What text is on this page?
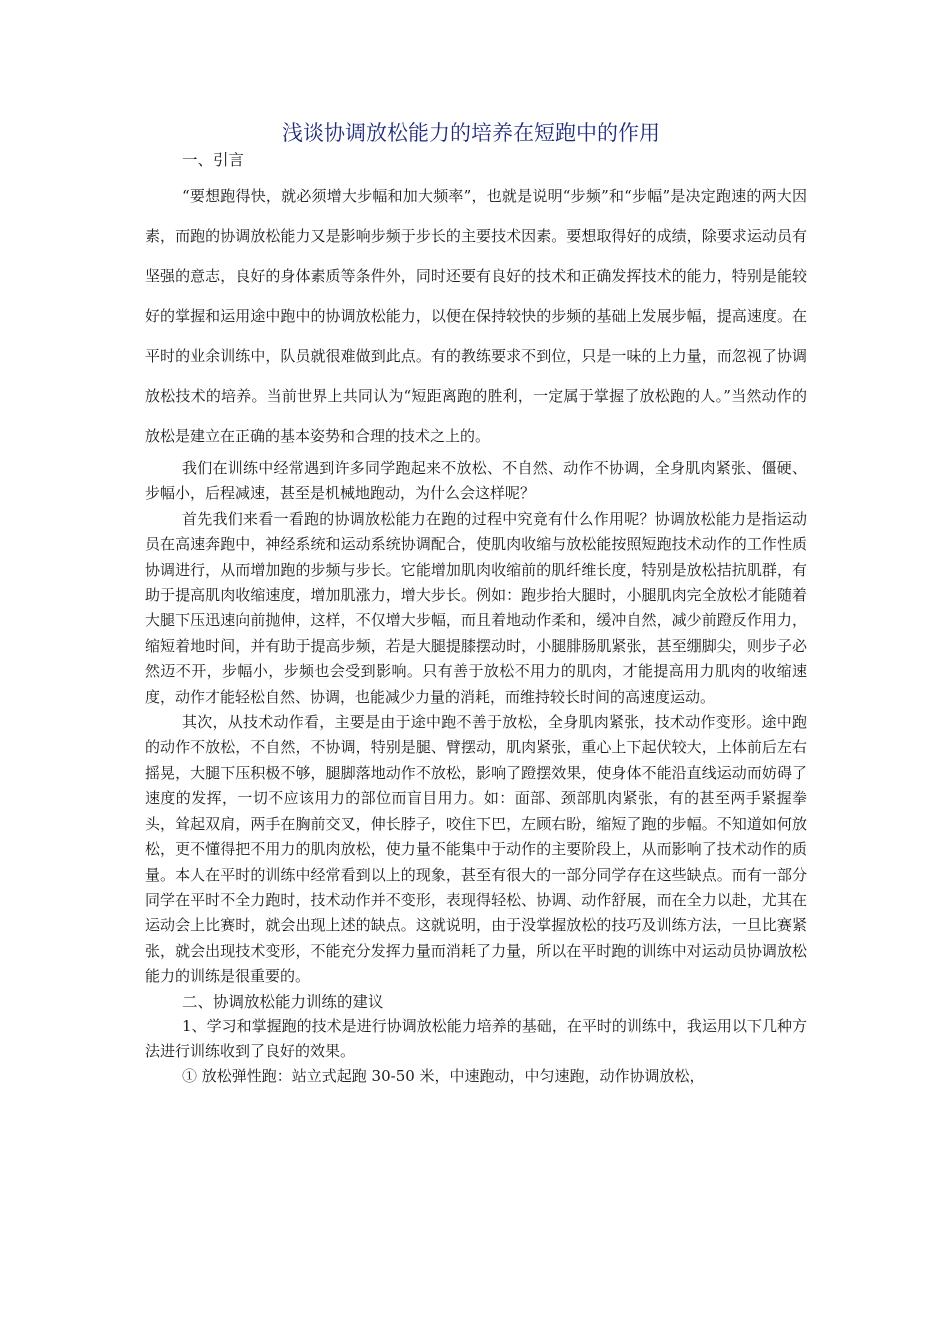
浅谈协调放松能力的培养在短跑中的作用
一、引言

“要想跑得快，就必须增大步幅和加大频率”，也就是说明“步频”和“步幅”是决定跑速的两大因素，而跑的协调放松能力又是影响步频于步长的主要技术因素。要想取得好的成绩，除要求运动员有坚强的意志，良好的身体素质等条件外，同时还要有良好的技术和正确发挥技术的能力，特别是能较好的掌握和运用途中跑中的协调放松能力，以便在保持较快的步频的基础上发展步幅，提高速度。在平时的业余训练中，队员就很难做到此点。有的教练要求不到位，只是一味的上力量，而忽视了协调放松技术的培养。当前世界上共同认为“短距离跑的胜利，一定属于掌握了放松跑的人。”当然动作的放松是建立在正确的基本姿势和合理的技术之上的。

我们在训练中经常遇到许多同学跑起来不放松、不自然、动作不协调，全身肌肉紧张、僵硬、步幅小，后程减速，甚至是机械地跑动，为什么会这样呢？

首先我们来看一看跑的协调放松能力在跑的过程中究竟有什么作用呢？协调放松能力是指运动员在高速奔跑中，神经系统和运动系统协调配合，使肌肉收缩与放松能按照短跑技术动作的工作性质协调进行，从而增加跑的步频与步长。它能增加肌肉收缩前的肌纤维长度，特别是放松拮抗肌群，有助于提高肌肉收缩速度，增加肌涨力，增大步长。例如：跑步抬大腿时，小腿肌肉完全放松才能随着大腿下压迅速向前抛伸，这样，不仅增大步幅，而且着地动作柔和，缓冲自然，减少前蹬反作用力，缩短着地时间，并有助于提高步频，若是大腿提膝摆动时，小腿腓肠肌紧张，甚至绷脚尖，则步子必然迈不开，步幅小，步频也会受到影响。只有善于放松不用力的肌肉，才能提高用力肌肉的收缩速度，动作才能轻松自然、协调，也能减少力量的消耗，而维持较长时间的高速度运动。

其次，从技术动作看，主要是由于途中跑不善于放松，全身肌肉紧张，技术动作变形。途中跑的动作不放松，不自然，不协调，特别是腿、臂摆动，肌肉紧张，重心上下起伏较大，上体前后左右摇晃，大腿下压积极不够，腿脚落地动作不放松，影响了蹬摆效果，使身体不能沿直线运动而妨碍了速度的发挥，一切不应该用力的部位而盲目用力。如：面部、颈部肌肉紧张，有的甚至两手紧握拳头，耸起双肩，两手在胸前交叉，伸长脖子，咬住下巴，左顾右盼，缩短了跑的步幅。不知道如何放松，更不懂得把不用力的肌肉放松，使力量不能集中于动作的主要阶段上，从而影响了技术动作的质量。本人在平时的训练中经常看到以上的现象，甚至有很大的一部分同学存在这些缺点。而有一部分同学在平时不全力跑时，技术动作并不变形，表现得轻松、协调、动作舒展，而在全力以赴，尤其在运动会上比赛时，就会出现上述的缺点。这就说明，由于没掌握放松的技巧及训练方法，一旦比赛紧张，就会出现技术变形，不能充分发挥力量而消耗了力量，所以在平时跑的训练中对运动员协调放松能力的训练是很重要的。

二、协调放松能力训练的建议

1、学习和掌握跑的技术是进行协调放松能力培养的基础，在平时的训练中，我运用以下几种方法进行训练收到了良好的效果。

① 放松弹性跑：站立式起跑 30-50 米，中速跑动，中匀速跑，动作协调放松，
